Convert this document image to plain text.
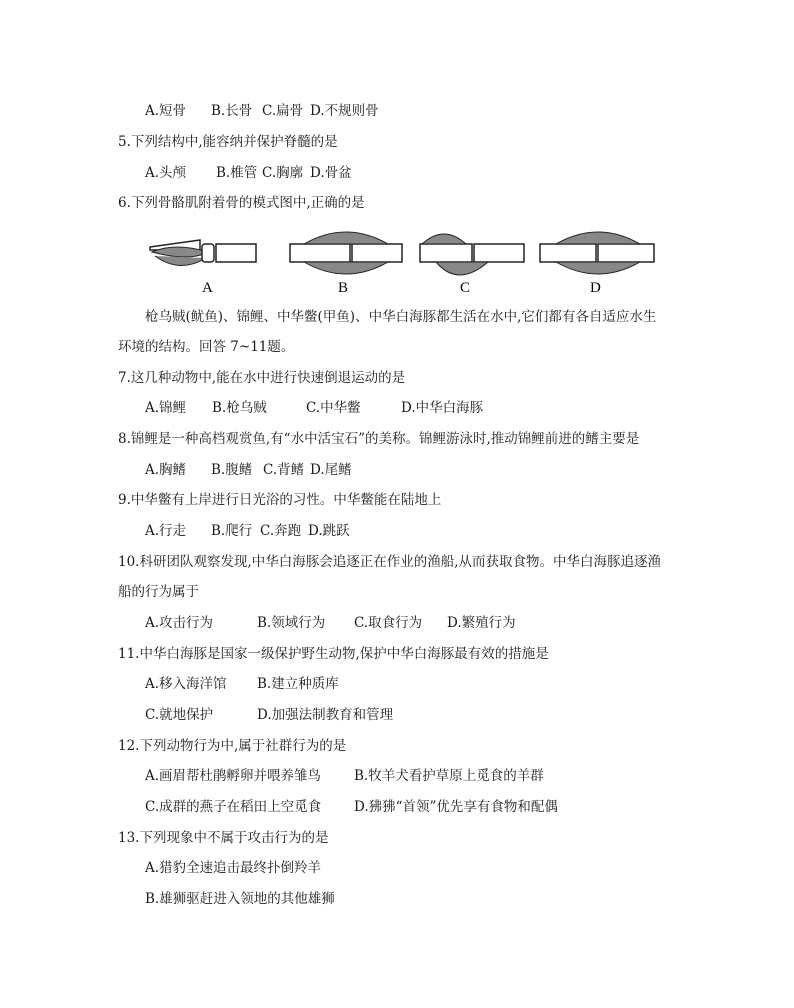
A.短骨 B.长骨 C.扁骨 D.不规则骨
5.下列结构中,能容纳并保护脊髓的是
A.头颅 B.椎管 C.胸廓 D.骨盆
6.下列骨骼肌附着骨的模式图中,正确的是
A	B	C	D
枪乌贼(鱿鱼)、锦鲤、中华鳖(甲鱼)、中华白海豚都生活在水中,它们都有各自适应水生
环境的结构。回答 7~11题。
7.这几种动物中,能在水中进行快速倒退运动的是
A.锦鲤 B.枪乌贼	C.中华鳖	D.中华白海豚
8.锦鲤是一种高档观赏鱼,有“水中活宝石”的美称。锦鲤游泳时,推动锦鲤前进的鳍主要是
A.胸鳍 B.腹鳍 C.背鳍 D.尾鳍
9.中华鳖有上岸进行日光浴的习性。中华鳖能在陆地上
A.行走 B.爬行 C.奔跑 D.跳跃
10.科研团队观察发现,中华白海豚会追逐正在作业的渔船,从而获取食物。中华白海豚追逐渔
船的行为属于
A.攻击行为	B.领域行为 C.取食行为 D.繁殖行为
11.中华白海豚是国家一级保护野生动物,保护中华白海豚最有效的措施是
A.移入海洋馆 B.建立种质库
C.就地保护	D.加强法制教育和管理
12.下列动物行为中,属于社群行为的是
A.画眉帮杜鹃孵卵并喂养雏鸟 B.牧羊犬看护草原上觅食的羊群
C.成群的燕子在稻田上空觅食 D.狒狒“首领”优先享有食物和配偶
13.下列现象中不属于攻击行为的是
A.猎豹全速追击最终扑倒羚羊
B.雄狮驱赶进入领地的其他雄狮
